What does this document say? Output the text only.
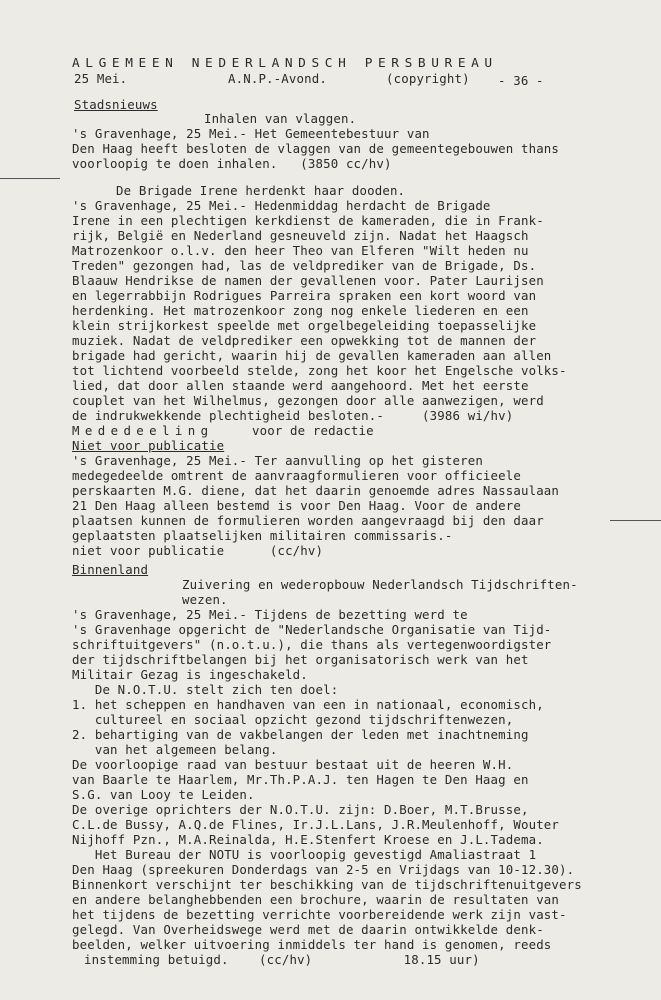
ALGEMEEN NEDERLANDSCH PERSBUREAU
25 Mei.	A.N.P.-Avond.	(copyright) - 36 -
Stadsnieuws
Inhalen van vlaggen.
's Gravenhage, 25 Mei.- Het Gemeentebestuur van
Den Haag heeft besloten de vlaggen van de gemeentegebouwen thans
voorloopig te doen inhalen.   (3850 cc/hv)
De Brigade Irene herdenkt haar dooden.
's Gravenhage, 25 Mei.- Hedenmiddag herdacht de Brigade
Irene in een plechtigen kerkdienst de kameraden, die in Frank-
rijk, België en Nederland gesneuveld zijn. Nadat het Haagsch
Matrozenkoor o.l.v. den heer Theo van Elferen "Wilt heden nu
Treden" gezongen had, las de veldprediker van de Brigade, Ds.
Blaauw Hendrikse de namen der gevallenen voor. Pater Laurijsen
en legerrabbijn Rodrigues Parreira spraken een kort woord van
herdenking. Het matrozenkoor zong nog enkele liederen en een
klein strijkorkest speelde met orgelbegeleiding toepasselijke
muziek. Nadat de veldprediker een opwekking tot de mannen der
brigade had gericht, waarin hij de gevallen kameraden aan allen
tot lichtend voorbeeld stelde, zong het koor het Engelsche volks-
lied, dat door allen staande werd aangehoord. Met het eerste
couplet van het Wilhelmus, gezongen door alle aanwezigen, werd
de indrukwekkende plechtigheid besloten.-     (3986 wi/hv)
Mededeeling	voor de redactie
Niet voor publicatie
's Gravenhage, 25 Mei.- Ter aanvulling op het gisteren
medegedeelde omtrent de aanvraagformulieren voor officieele
perskaarten M.G. diene, dat het daarin genoemde adres Nassaulaan
21 Den Haag alleen bestemd is voor Den Haag. Voor de andere
plaatsen kunnen de formulieren worden aangevraagd bij den daar
geplaatsten plaatselijken militairen commissaris.-
niet voor publicatie      (cc/hv)
Binnenland
Zuivering en wederopbouw Nederlandsch Tijdschriften-
wezen.
's Gravenhage, 25 Mei.- Tijdens de bezetting werd te
's Gravenhage opgericht de "Nederlandsche Organisatie van Tijd-
schriftuitgevers" (n.o.t.u.), die thans als vertegenwoordigster
der tijdschriftbelangen bij het organisatorisch werk van het
Militair Gezag is ingeschakeld.
De N.O.T.U. stelt zich ten doel:
1. het scheppen en handhaven van een in nationaal, economisch,
cultureel en sociaal opzicht gezond tijdschriftenwezen,
2. behartiging van de vakbelangen der leden met inachtneming
van het algemeen belang.
De voorloopige raad van bestuur bestaat uit de heeren W.H.
van Baarle te Haarlem, Mr.Th.P.A.J. ten Hagen te Den Haag en
S.G. van Looy te Leiden.
De overige oprichters der N.O.T.U. zijn: D.Boer, M.T.Brusse,
C.L.de Bussy, A.Q.de Flines, Ir.J.L.Lans, J.R.Meulenhoff, Wouter
Nijhoff Pzn., M.A.Reinalda, H.E.Stenfert Kroese en J.L.Tadema.
Het Bureau der NOTU is voorloopig gevestigd Amaliastraat 1
Den Haag (spreekuren Donderdags van 2-5 en Vrijdags van 10-12.30).
Binnenkort verschijnt ter beschikking van de tijdschriftenuitgevers
en andere belanghebbenden een brochure, waarin de resultaten van
het tijdens de bezetting verrichte voorbereidende werk zijn vast-
gelegd. Van Overheidswege werd met de daarin ontwikkelde denk-
beelden, welker uitvoering inmiddels ter hand is genomen, reeds
instemming betuigd.    (cc/hv)            18.15 uur)
